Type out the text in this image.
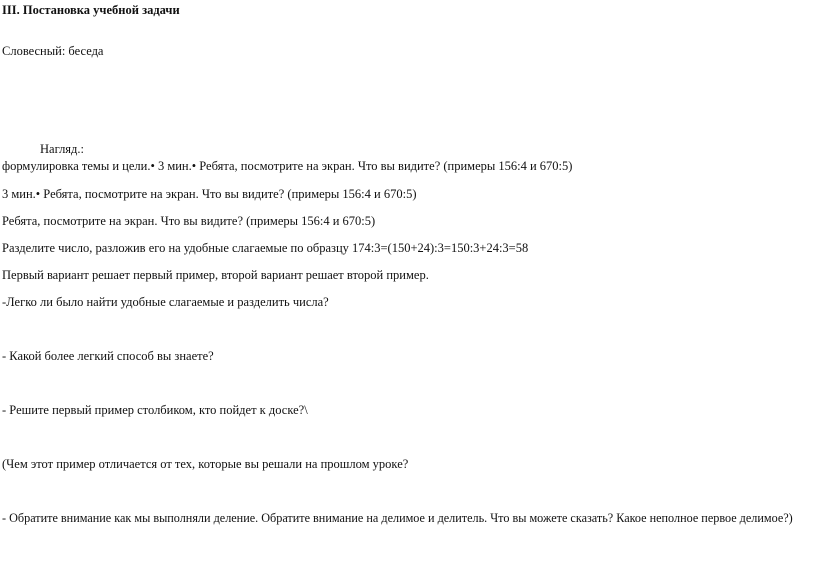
III. Постановка учебной задачи
Словесный: беседа
Нагляд.:
формулировка темы и цели.• 3 мин.• Ребята, посмотрите на экран. Что вы видите? (примеры 156:4 и 670:5)
3 мин.• Ребята, посмотрите на экран. Что вы видите? (примеры 156:4 и 670:5)
Ребята, посмотрите на экран. Что вы видите? (примеры 156:4 и 670:5)
Разделите число, разложив его на удобные слагаемые по образцу 174:3=(150+24):3=150:3+24:3=58
Первый вариант решает первый пример, второй вариант решает второй пример.
-Легко ли было найти удобные слагаемые и разделить числа?
- Какой более легкий способ вы знаете?
- Решите первый пример столбиком, кто пойдет к доске?\
(Чем этот пример отличается от тех, которые вы решали на прошлом уроке?
- Обратите внимание как мы выполняли деление. Обратите внимание на делимое и делитель. Что вы можете сказать? Какое неполное первое делимое?)
